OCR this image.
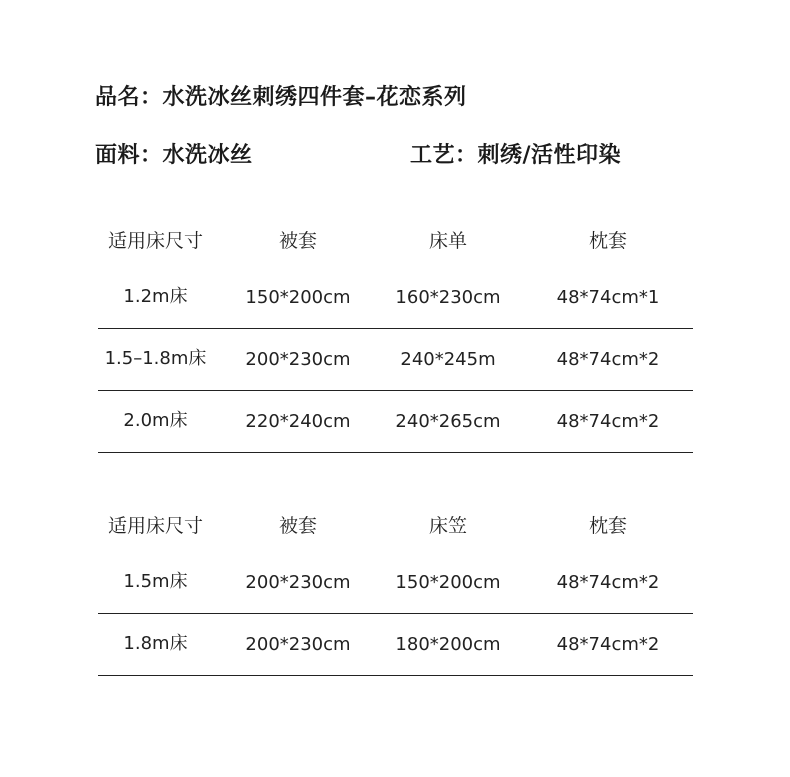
品名：水洗冰丝刺绣四件套–花恋系列
面料：水洗冰丝	工艺：刺绣/活性印染
适用床尺寸	被套	床单	枕套
1.2m床	150*200cm	160*230cm	48*74cm*1
1.5–1.8m床	200*230cm	240*245m	48*74cm*2
2.0m床	220*240cm	240*265cm	48*74cm*2
适用床尺寸	被套	床笠	枕套
1.5m床	200*230cm	150*200cm	48*74cm*2
1.8m床	200*230cm	180*200cm	48*74cm*2
